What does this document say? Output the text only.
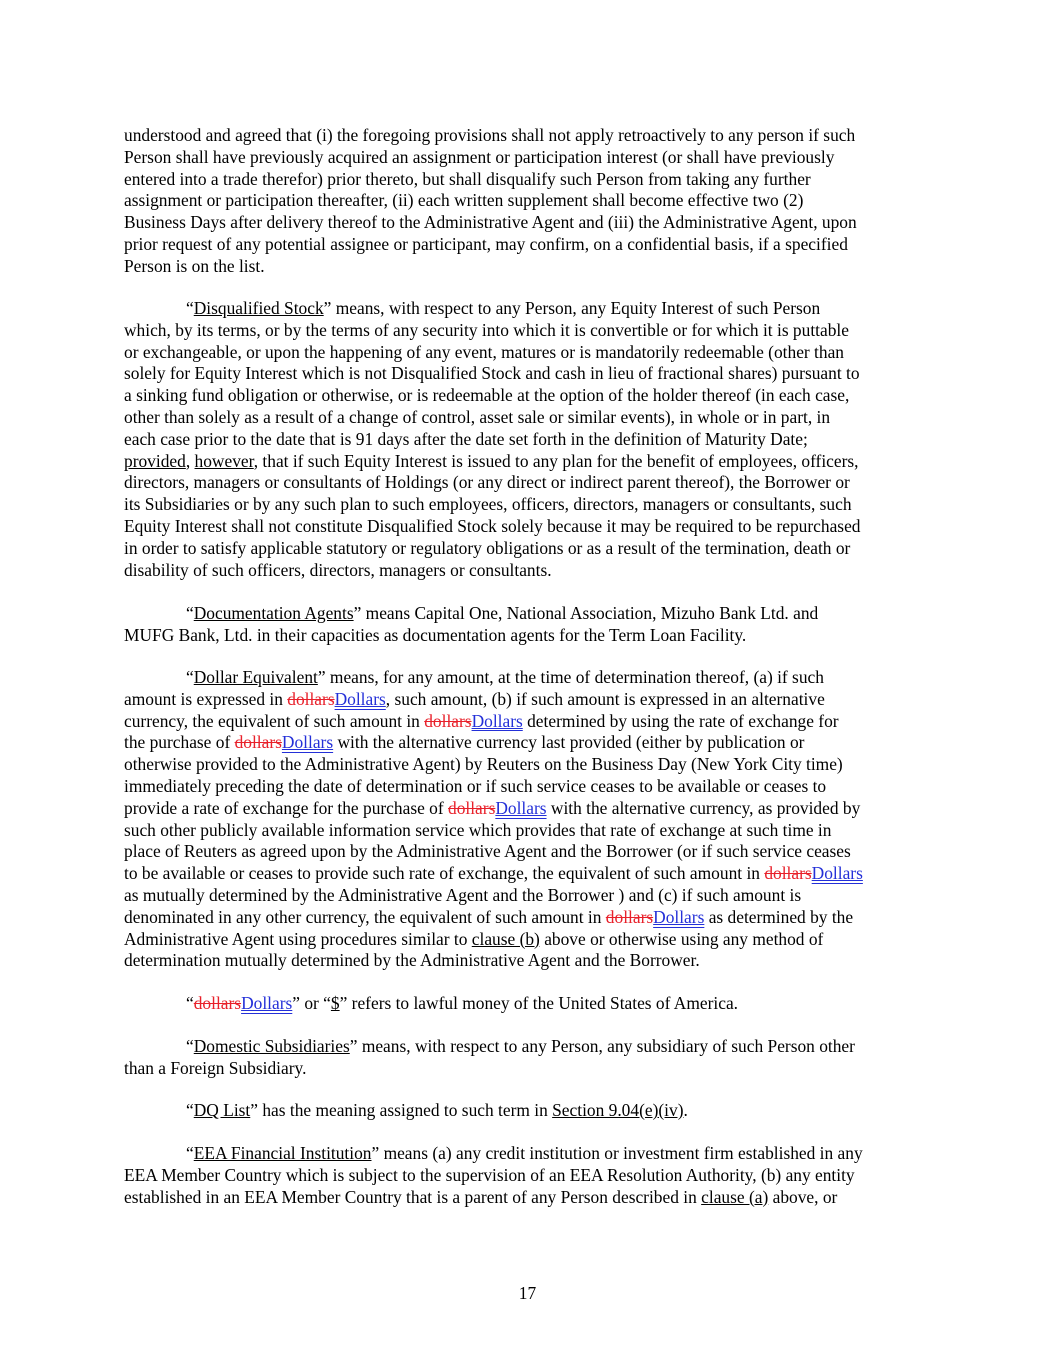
understood and agreed that (i) the foregoing provisions shall not apply retroactively to any person if such
Person shall have previously acquired an assignment or participation interest (or shall have previously
entered into a trade therefor) prior thereto, but shall disqualify such Person from taking any further
assignment or participation thereafter, (ii) each written supplement shall become effective two (2)
Business Days after delivery thereof to the Administrative Agent and (iii) the Administrative Agent, upon
prior request of any potential assignee or participant, may confirm, on a confidential basis, if a specified
Person is on the list.
“Disqualified Stock” means, with respect to any Person, any Equity Interest of such Person
which, by its terms, or by the terms of any security into which it is convertible or for which it is puttable
or exchangeable, or upon the happening of any event, matures or is mandatorily redeemable (other than
solely for Equity Interest which is not Disqualified Stock and cash in lieu of fractional shares) pursuant to
a sinking fund obligation or otherwise, or is redeemable at the option of the holder thereof (in each case,
other than solely as a result of a change of control, asset sale or similar events), in whole or in part, in
each case prior to the date that is 91 days after the date set forth in the definition of Maturity Date;
provided, however, that if such Equity Interest is issued to any plan for the benefit of employees, officers,
directors, managers or consultants of Holdings (or any direct or indirect parent thereof), the Borrower or
its Subsidiaries or by any such plan to such employees, officers, directors, managers or consultants, such
Equity Interest shall not constitute Disqualified Stock solely because it may be required to be repurchased
in order to satisfy applicable statutory or regulatory obligations or as a result of the termination, death or
disability of such officers, directors, managers or consultants.
“Documentation Agents” means Capital One, National Association, Mizuho Bank Ltd. and
MUFG Bank, Ltd. in their capacities as documentation agents for the Term Loan Facility.
“Dollar Equivalent” means, for any amount, at the time of determination thereof, (a) if such
amount is expressed in dollarsDollars, such amount, (b) if such amount is expressed in an alternative
currency, the equivalent of such amount in dollarsDollars determined by using the rate of exchange for
the purchase of dollarsDollars with the alternative currency last provided (either by publication or
otherwise provided to the Administrative Agent) by Reuters on the Business Day (New York City time)
immediately preceding the date of determination or if such service ceases to be available or ceases to
provide a rate of exchange for the purchase of dollarsDollars with the alternative currency, as provided by
such other publicly available information service which provides that rate of exchange at such time in
place of Reuters as agreed upon by the Administrative Agent and the Borrower (or if such service ceases
to be available or ceases to provide such rate of exchange, the equivalent of such amount in dollarsDollars
as mutually determined by the Administrative Agent and the Borrower ) and (c) if such amount is
denominated in any other currency, the equivalent of such amount in dollarsDollars as determined by the
Administrative Agent using procedures similar to clause (b) above or otherwise using any method of
determination mutually determined by the Administrative Agent and the Borrower.
“dollarsDollars” or “$” refers to lawful money of the United States of America.
“Domestic Subsidiaries” means, with respect to any Person, any subsidiary of such Person other
than a Foreign Subsidiary.
“DQ List” has the meaning assigned to such term in Section 9.04(e)(iv).
“EEA Financial Institution” means (a) any credit institution or investment firm established in any
EEA Member Country which is subject to the supervision of an EEA Resolution Authority, (b) any entity
established in an EEA Member Country that is a parent of any Person described in clause (a) above, or
17
